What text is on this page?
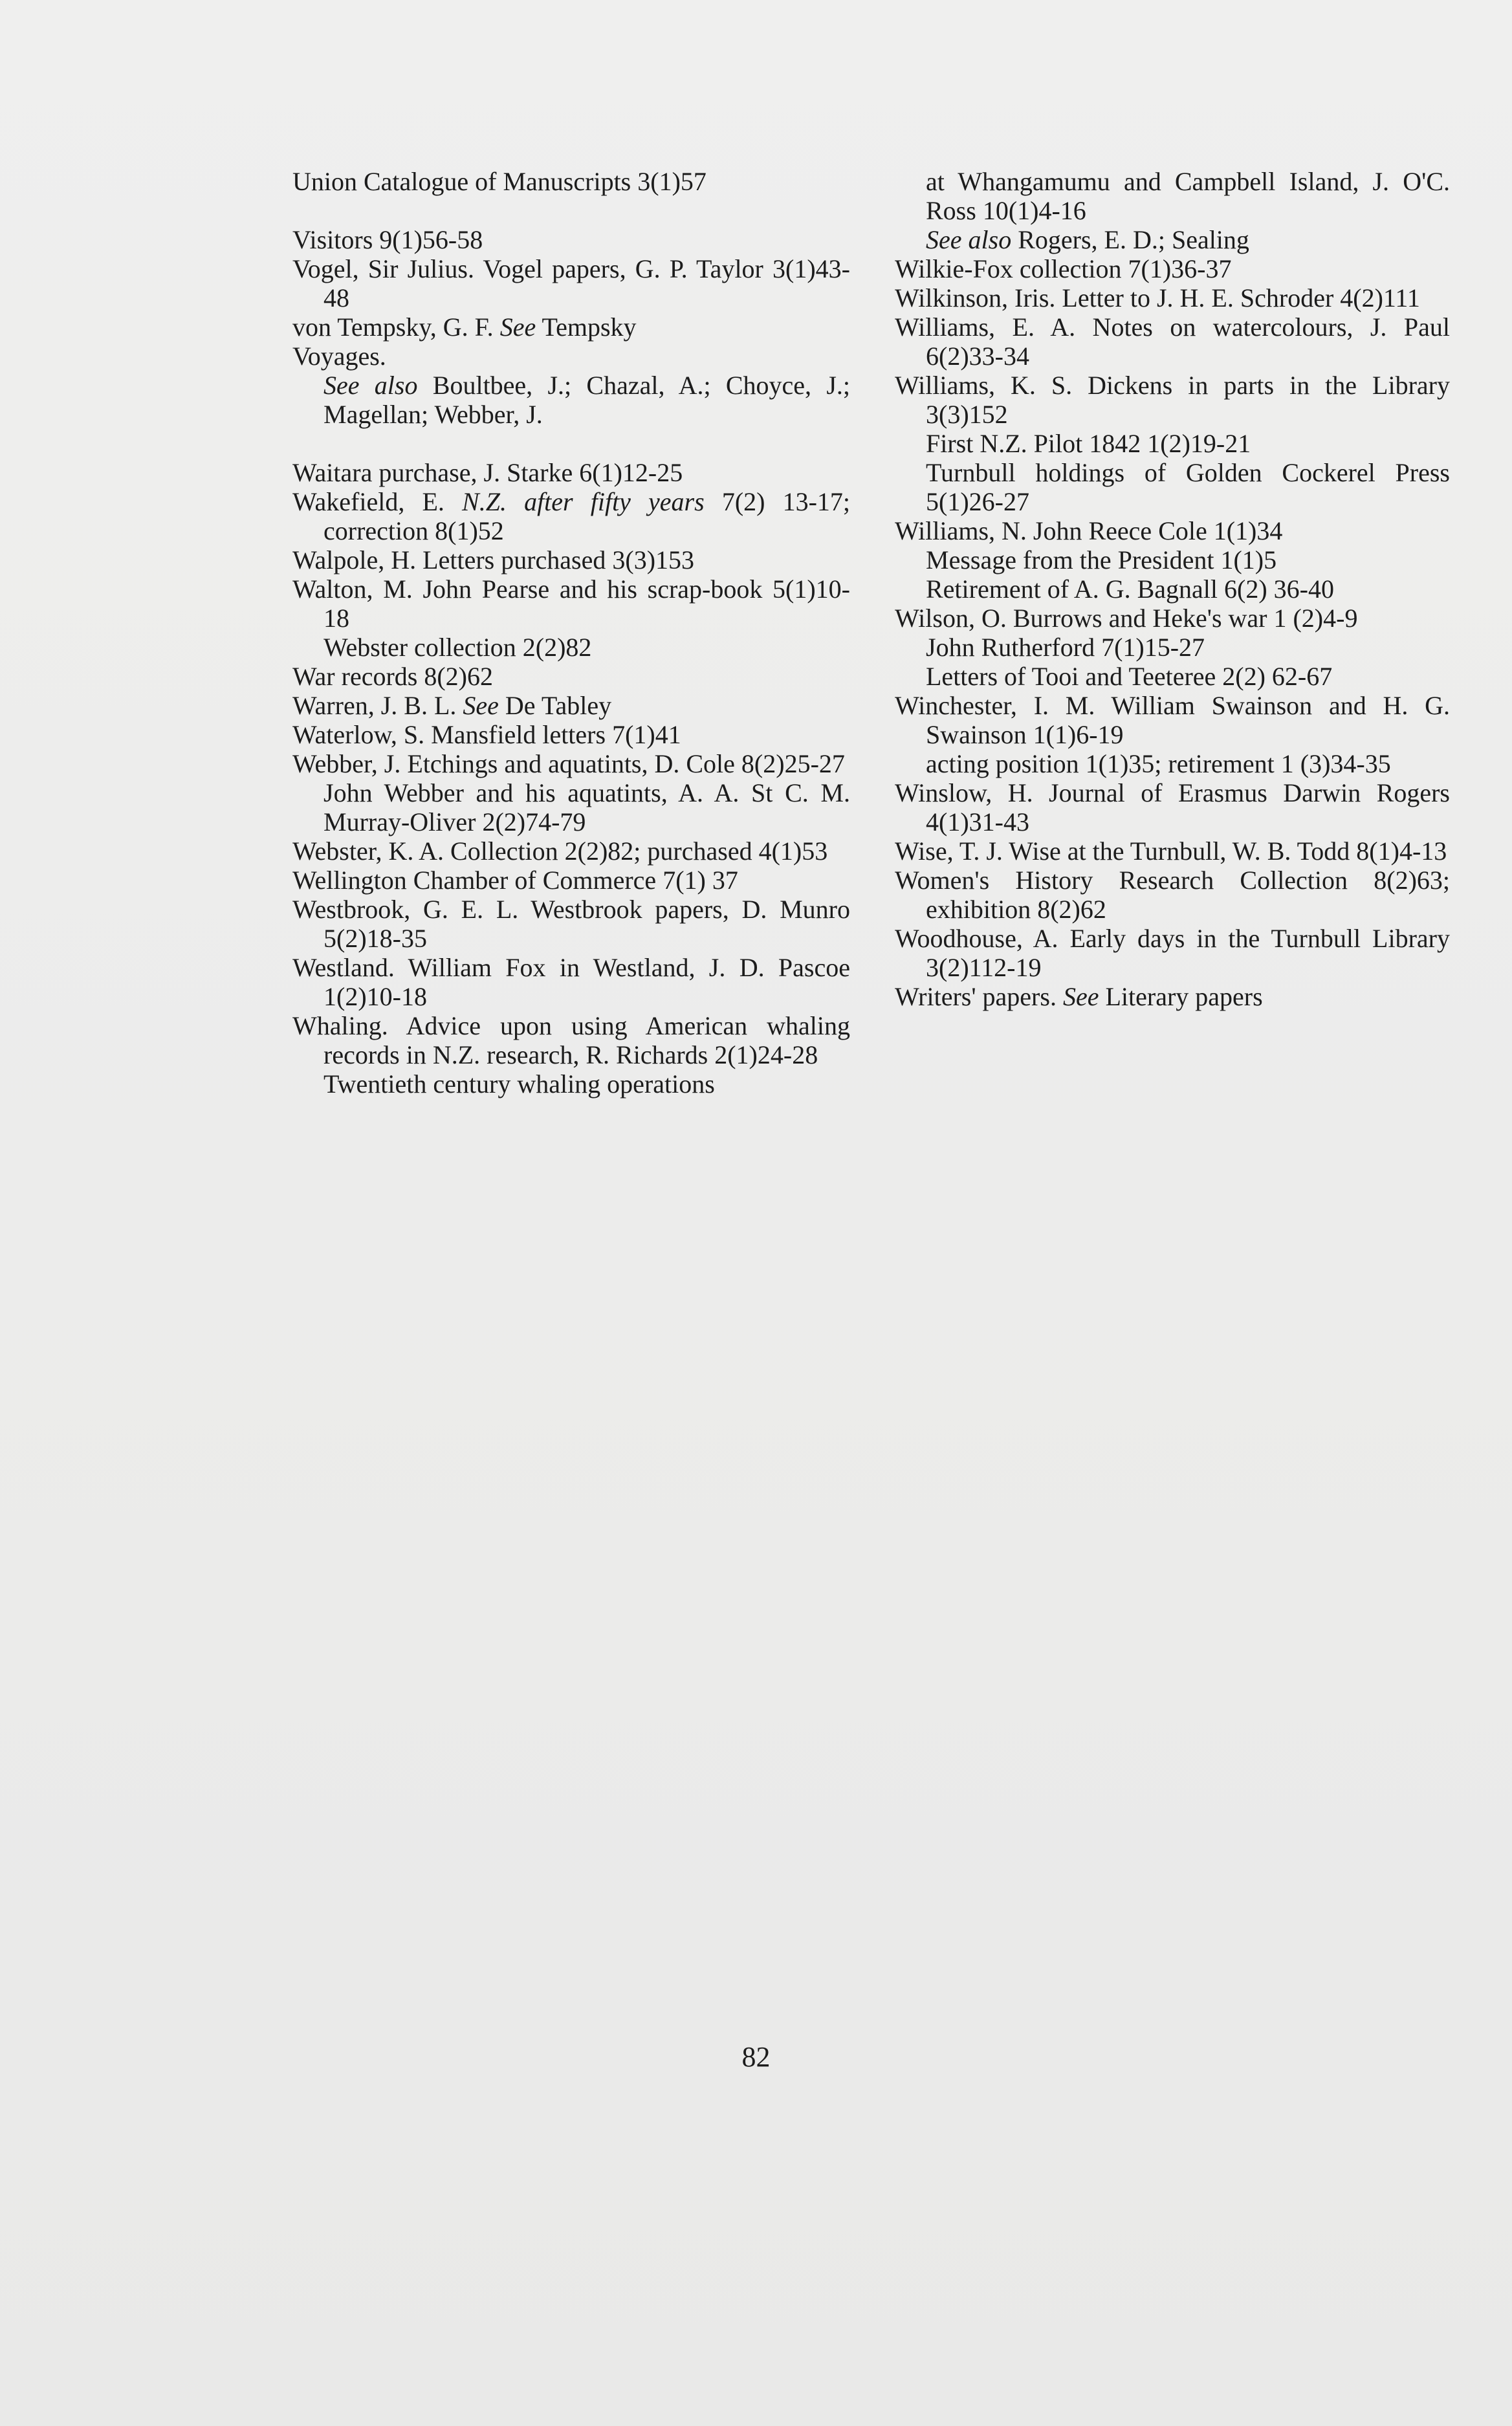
Union Catalogue of Manuscripts 3(1)57

Visitors 9(1)56-58

Vogel, Sir Julius. Vogel papers, G. P. Taylor 3(1)43-48

von Tempsky, G. F. See Tempsky

Voyages.

See also Boultbee, J.; Chazal, A.; Choyce, J.; Magellan; Webber, J.

Waitara purchase, J. Starke 6(1)12-25

Wakefield, E. N.Z. after fifty years 7(2) 13-17; correction 8(1)52

Walpole, H. Letters purchased 3(3)153

Walton, M. John Pearse and his scrap-book 5(1)10-18

Webster collection 2(2)82

War records 8(2)62

Warren, J. B. L. See De Tabley

Waterlow, S. Mansfield letters 7(1)41

Webber, J. Etchings and aquatints, D. Cole 8(2)25-27

John Webber and his aquatints, A. A. St C. M. Murray-Oliver 2(2)74-79

Webster, K. A. Collection 2(2)82; purchased 4(1)53

Wellington Chamber of Commerce 7(1) 37

Westbrook, G. E. L. Westbrook papers, D. Munro 5(2)18-35

Westland. William Fox in Westland, J. D. Pascoe 1(2)10-18

Whaling. Advice upon using American whaling records in N.Z. research, R. Richards 2(1)24-28

Twentieth century whaling operations

at Whangamumu and Campbell Island, J. O'C. Ross 10(1)4-16

See also Rogers, E. D.; Sealing

Wilkie-Fox collection 7(1)36-37

Wilkinson, Iris. Letter to J. H. E. Schroder 4(2)111

Williams, E. A. Notes on watercolours, J. Paul 6(2)33-34

Williams, K. S. Dickens in parts in the Library 3(3)152

First N.Z. Pilot 1842 1(2)19-21

Turnbull holdings of Golden Cockerel Press 5(1)26-27

Williams, N. John Reece Cole 1(1)34

Message from the President 1(1)5

Retirement of A. G. Bagnall 6(2) 36-40

Wilson, O. Burrows and Heke's war 1 (2)4-9

John Rutherford 7(1)15-27

Letters of Tooi and Teeteree 2(2) 62-67

Winchester, I. M. William Swainson and H. G. Swainson 1(1)6-19

acting position 1(1)35; retirement 1 (3)34-35

Winslow, H. Journal of Erasmus Darwin Rogers 4(1)31-43

Wise, T. J. Wise at the Turnbull, W. B. Todd 8(1)4-13

Women's History Research Collection 8(2)63; exhibition 8(2)62

Woodhouse, A. Early days in the Turnbull Library 3(2)112-19

Writers' papers. See Literary papers

82
